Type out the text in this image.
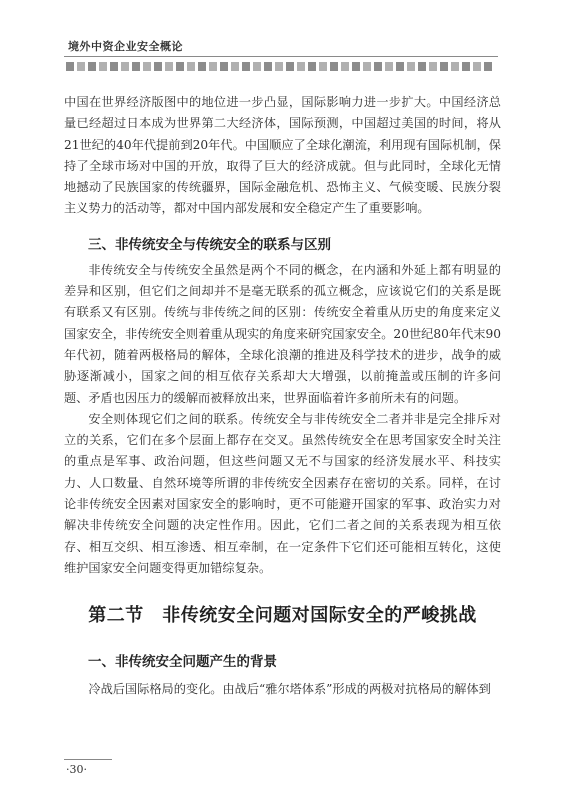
境外中资企业安全概论

中国在世界经济版图中的地位进一步凸显，国际影响力进一步扩大。中国经济总量已经超过日本成为世界第二大经济体，国际预测，中国超过美国的时间，将从21世纪的40年代提前到20年代。中国顺应了全球化潮流，利用现有国际机制，保持了全球市场对中国的开放，取得了巨大的经济成就。但与此同时，全球化无情地撼动了民族国家的传统疆界，国际金融危机、恐怖主义、气候变暖、民族分裂主义势力的活动等，都对中国内部发展和安全稳定产生了重要影响。

三、非传统安全与传统安全的联系与区别

非传统安全与传统安全虽然是两个不同的概念，在内涵和外延上都有明显的差异和区别，但它们之间却并不是毫无联系的孤立概念，应该说它们的关系是既有联系又有区别。传统与非传统之间的区别：传统安全着重从历史的角度来定义国家安全，非传统安全则着重从现实的角度来研究国家安全。20世纪80年代末90年代初，随着两极格局的解体，全球化浪潮的推进及科学技术的进步，战争的威胁逐渐减小，国家之间的相互依存关系却大大增强，以前掩盖或压制的许多问题、矛盾也因压力的缓解而被释放出来，世界面临着许多前所未有的问题。

安全则体现它们之间的联系。传统安全与非传统安全二者并非是完全排斥对立的关系，它们在多个层面上都存在交叉。虽然传统安全在思考国家安全时关注的重点是军事、政治问题，但这些问题又无不与国家的经济发展水平、科技实力、人口数量、自然环境等所谓的非传统安全因素存在密切的关系。同样，在讨论非传统安全因素对国家安全的影响时，更不可能避开国家的军事、政治实力对解决非传统安全问题的决定性作用。因此，它们二者之间的关系表现为相互依存、相互交织、相互渗透、相互牵制，在一定条件下它们还可能相互转化，这使维护国家安全问题变得更加错综复杂。

第二节　非传统安全问题对国际安全的严峻挑战
一、非传统安全问题产生的背景

冷战后国际格局的变化。由战后“雅尔塔体系”形成的两极对抗格局的解体到

·30·
